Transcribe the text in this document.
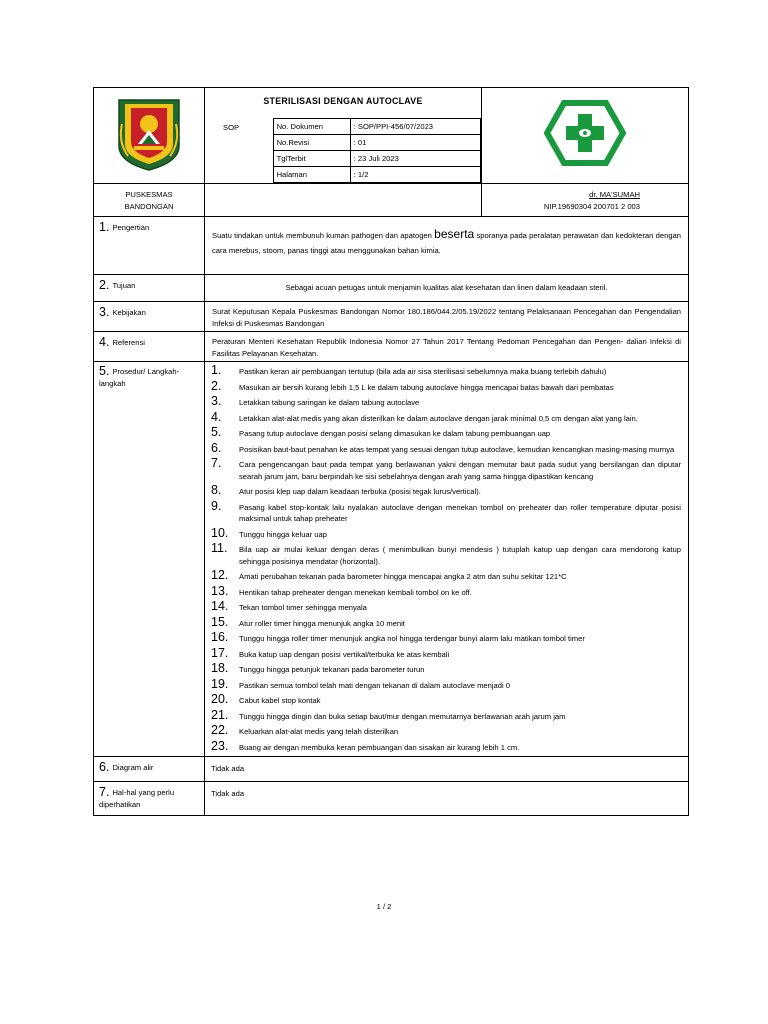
STERILISASI DENGAN AUTOCLAVE
SOP	No. Dokumen	: SOP/PPI-456/07/2023
No.Revisi	: 01
TglTerbit	: 23 Juli 2023
Halaman	: 1/2

PUSKESMAS
BANDONGAN

dr. MA'SUMAH
NIP.19690304 200701 2 003

1. Pengertian	Suatu tindakan untuk membunuh kuman pathogen dan apatogen beserta sporanya pada peralatan perawatan dan kedokteran dengan cara merebus, stoom, panas tinggi atau menggunakan bahan kimia.
2. Tujuan	Sebagai acuan petugas untuk menjamin kualitas alat kesehatan dan linen dalam keadaan steril.
3. Kebijakan	Surat Keputusan Kepala Puskesmas Bandongan Nomor 180.186/044.2/05.19/2022 tentang Pelaksanaan Pencegahan dan Pengendalian Infeksi di Puskesmas Bandongan
4. Referensi	Peraturan Menteri Kesehatan Republik Indonesia Nomor 27 Tahun 2017 Tentang Pedoman Pencegahan dan Pengen- dalian Infeksi di Fasilitas Pelayanan Kesehatan.
5. Prosedur/ Langkah-langkah	
1.	Pastikan keran air pembuangan tertutup (bila ada air sisa sterilisasi sebelumnya maka buang terlebih dahulu)
2.	Masukan air bersih kurang lebih 1,5 L ke dalam tabung autoclave hingga mencapai batas bawah dari pembatas
3.	Letakkan tabung saringan ke dalam tabung autoclave
4.	Letakkan alat-alat medis yang akan disterilkan ke dalam autoclave dengan jarak minimal 0,5 cm dengan alat yang lain.
5.	Pasang tutup autoclave dengan posisi selang dimasukan ke dalam tabung pembuangan uap
6.	Posisikan baut-baut penahan ke atas tempat yang sesuai dengan tutup autoclave, kemudian kencangkan masing-masing murnya
7.	Cara pengencangan baut pada tempat yang berlawanan yakni dengan memutar baut pada sudut yang bersilangan dan diputar searah jarum jam, baru berpindah ke sisi sebelahnya dengan arah yang sama hingga dipastikan kencang
8.	Atur posisi klep uap dalam keadaan terbuka (posisi tegak lurus/vertical).
9.	Pasang kabel stop-kontak lalu nyalakan autoclave dengan menekan tombol on preheater dan roller temperature diputar posisi maksimal untuk tahap preheater
10.	Tunggu hingga keluar uap
11.	Bila uap air mulai keluar dengan deras ( menimbulkan bunyi mendesis ) tutuplah katup uap dengan cara mendorong katup sehingga posisinya mendatar (horizontal).
12.	Amati perubahan tekanan pada barometer hingga mencapai angka 2 atm dan suhu sekitar 121*C
13.	Hentikan tahap preheater dengan menekan kembali tombol on ke off.
14.	Tekan tombol timer sehingga menyala
15.	Atur roller timer hingga menunjuk angka 10 menit
16.	Tunggu hingga roller timer menunjuk angka nol hingga terdengar bunyi alarm lalu matikan tombol timer
17.	Buka katup uap dengan posisi vertikal/terbuka ke atas kembali
18.	Tunggu hingga petunjuk tekanan pada barometer turun
19.	Pastikan semua tombol telah mati dengan tekanan di dalam autoclave menjadi 0
20.	Cabut kabel stop kontak
21.	Tunggu hingga dingin dan buka setiap baut/mur dengan memutarnya berlawanan arah jarum jam
22.	Keluarkan alat-alat medis yang telah disterilkan
23.	Buang air dengan membuka keran pembuangan dan sisakan air kurang lebih 1 cm.

6. Diagram alir	Tidak ada
7. Hal-hal yang perlu diperhatikan	Tidak ada
1 / 2
